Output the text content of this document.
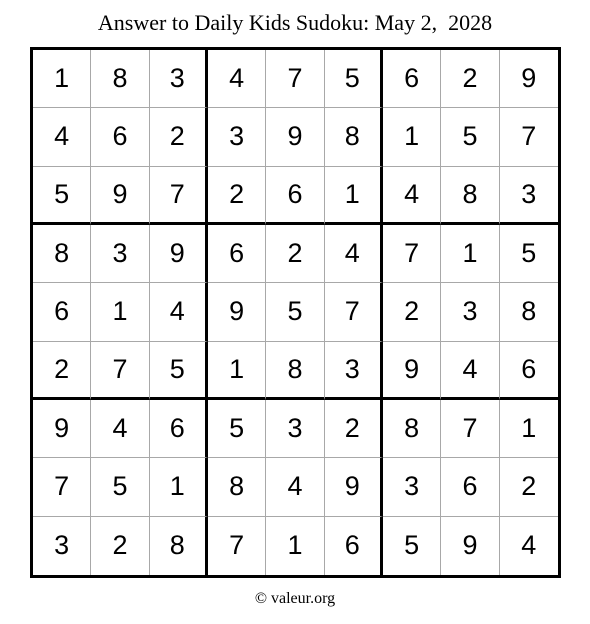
Answer to Daily Kids Sudoku: May 2,  2028
1	8	3	4	7	5	6	2	9
4	6	2	3	9	8	1	5	7
5	9	7	2	6	1	4	8	3
8	3	9	6	2	4	7	1	5
6	1	4	9	5	7	2	3	8
2	7	5	1	8	3	9	4	6
9	4	6	5	3	2	8	7	1
7	5	1	8	4	9	3	6	2
3	2	8	7	1	6	5	9	4
© valeur.org
